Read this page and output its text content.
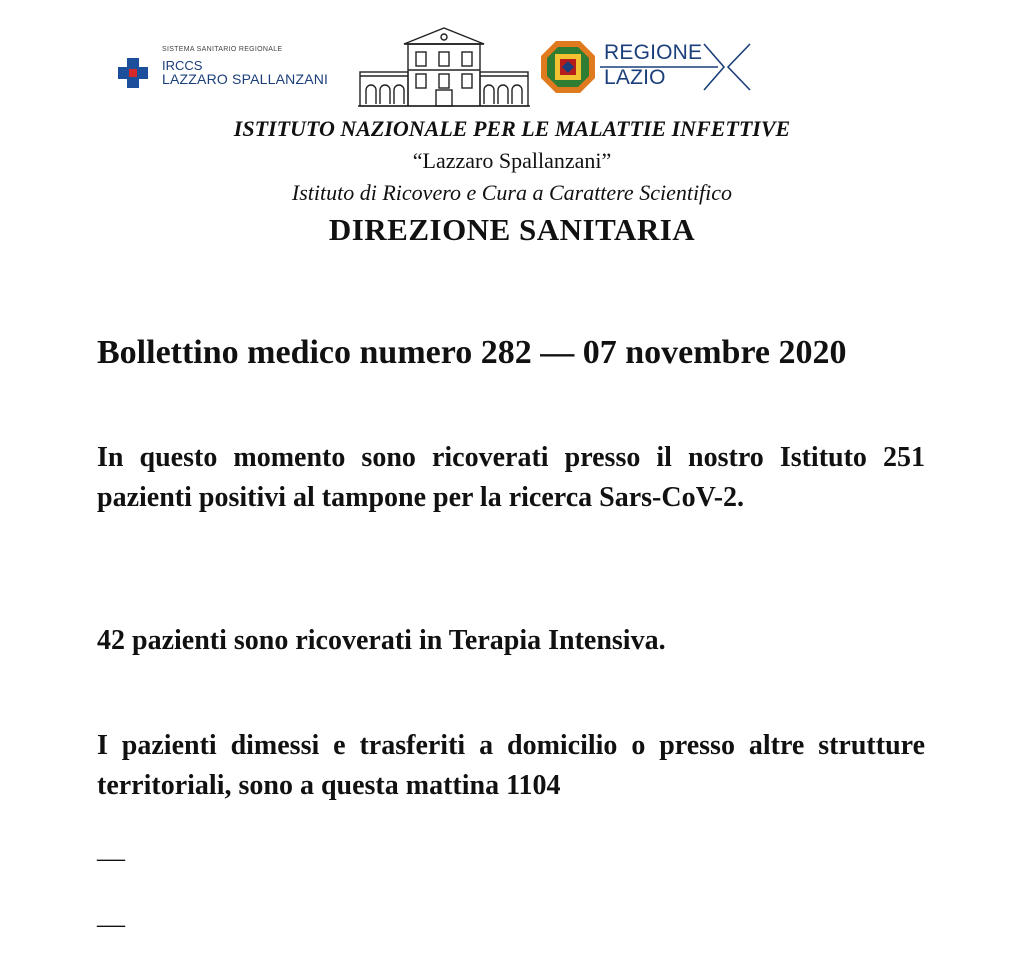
SISTEMA SANITARIO REGIONALE
IRCCS
LAZZARO SPALLANZANI
REGIONE
LAZIO
ISTITUTO NAZIONALE PER LE MALATTIE INFETTIVE
“Lazzaro Spallanzani”
Istituto di Ricovero e Cura a Carattere Scientifico
DIREZIONE SANITARIA
Bollettino medico numero 282 — 07 novembre 2020
In questo momento sono ricoverati presso il nostro Istituto 251 pazienti positivi al tampone per la ricerca Sars-CoV-2.
42 pazienti sono ricoverati in Terapia Intensiva.
I pazienti dimessi e trasferiti a domicilio o presso altre strutture territoriali, sono a questa mattina 1104
—
—
